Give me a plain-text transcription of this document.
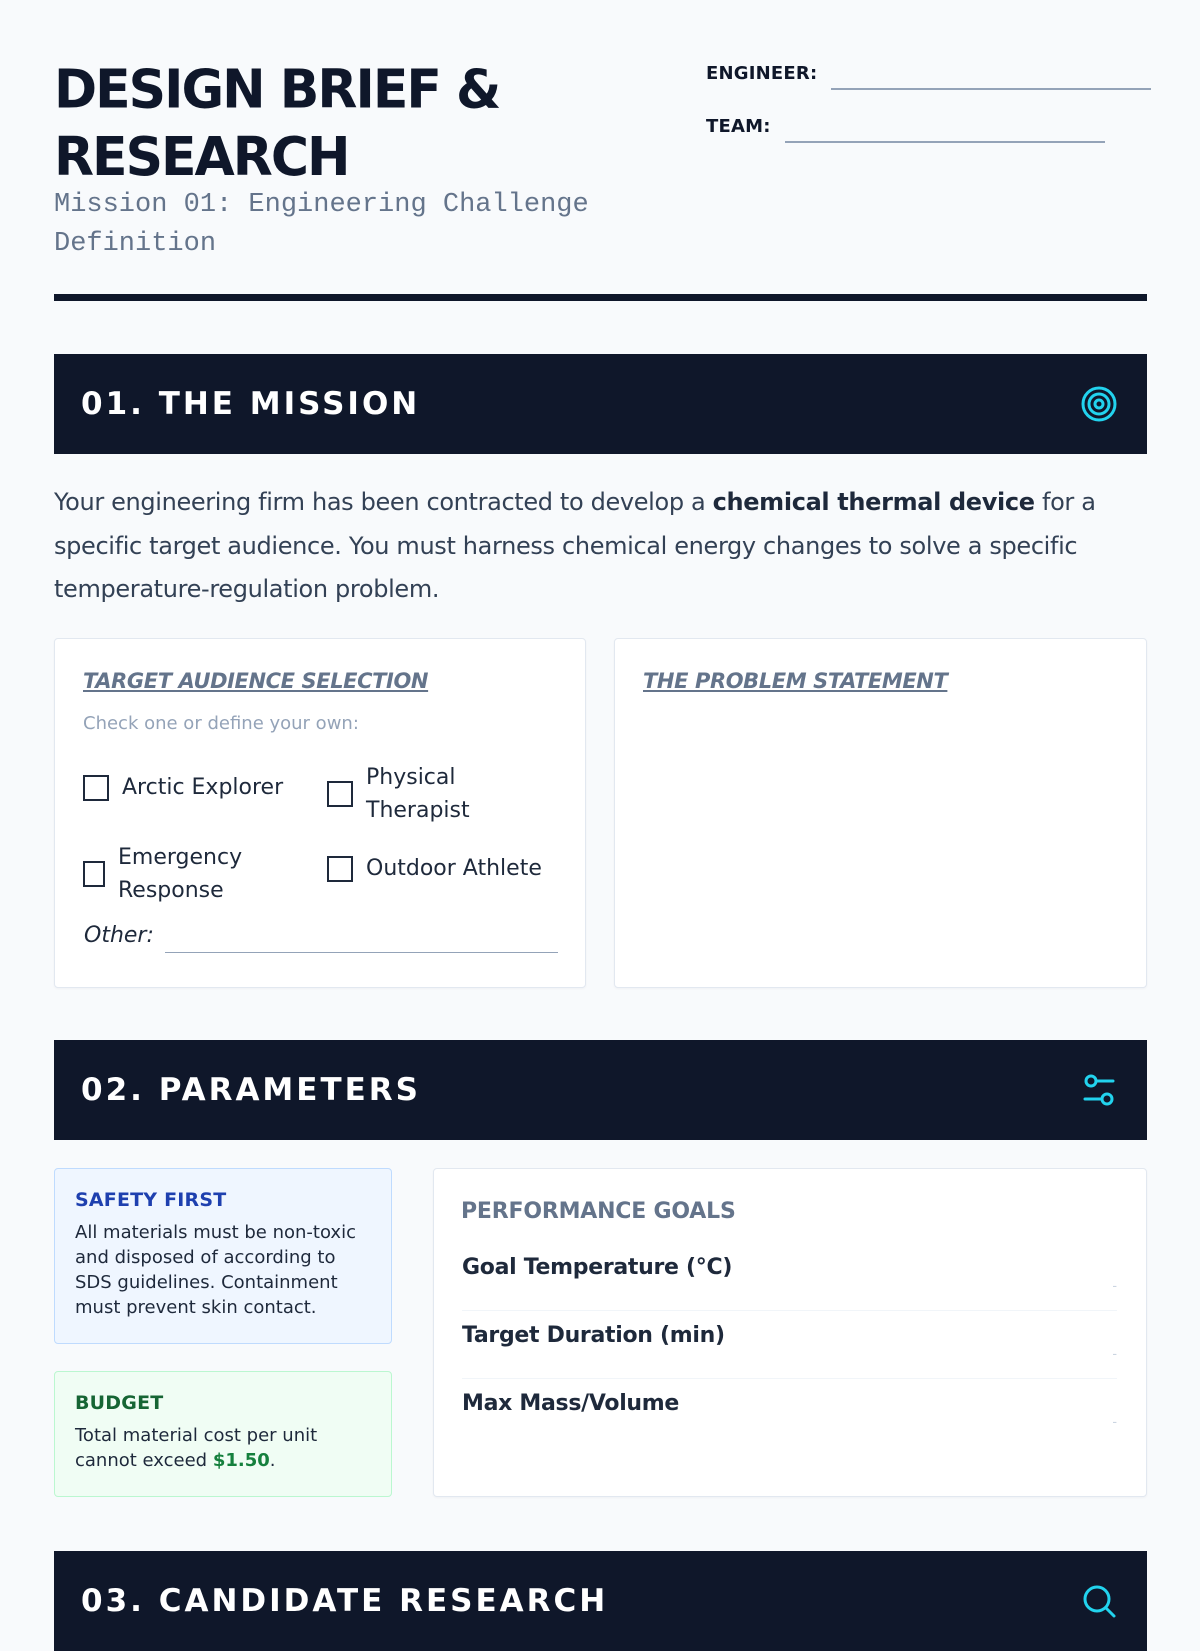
DESIGN BRIEF &
RESEARCH
Mission 01: Engineering Challenge Definition
ENGINEER:
TEAM:
01. THE MISSION

Your engineering firm has been contracted to develop a chemical thermal device for a specific target audience. You must harness chemical energy changes to solve a specific temperature-regulation problem.

TARGET AUDIENCE SELECTION
Check one or define your own:
Arctic Explorer	Physical Therapist
Emergency Response
Outdoor Athlete
Other:
THE PROBLEM STATEMENT
02. PARAMETERS
SAFETY FIRST
All materials must be non-toxic and disposed of according to SDS guidelines. Containment must prevent skin contact.
BUDGET
Total material cost per unit cannot exceed $1.50.
PERFORMANCE GOALS
Goal Temperature (°C)
-
Target Duration (min)
-
Max Mass/Volume
-
03. CANDIDATE RESEARCH
